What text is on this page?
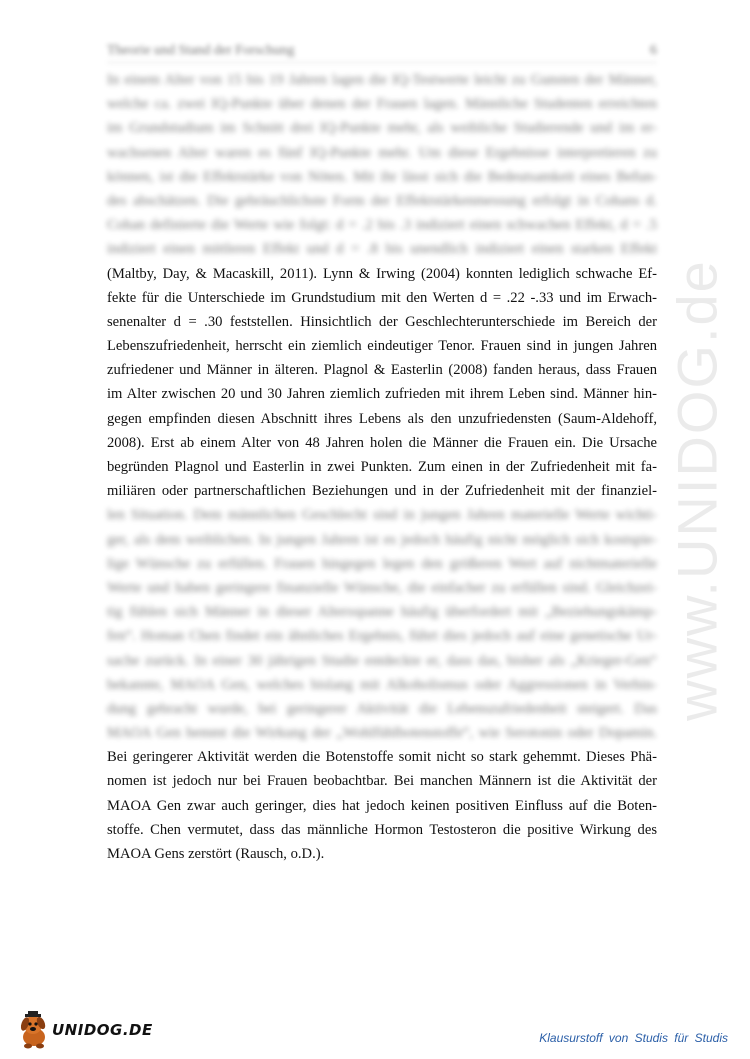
Theorie und Stand der Forschung	6
www.UNIDOG.de
In einem Alter von 15 bis 19 Jahren lagen die IQ-Testwerte leicht zu Gunsten der Männer,
welche ca. zwei IQ-Punkte über denen der Frauen lagen. Männliche Studenten erreichten
im Grundstudium im Schnitt drei IQ-Punkte mehr, als weibliche Studierende und im er-
wachsenen Alter waren es fünf IQ-Punkte mehr. Um diese Ergebnisse interpretieren zu
können, ist die Effektstärke von Nöten. Mit ihr lässt sich die Bedeutsamkeit eines Befun-
des abschätzen. Die gebräuchlichste Form der Effektstärkenmessung erfolgt in Cohans d.
Cohan definierte die Werte wie folgt: d = .2 bis .3 indiziert einen schwachen Effekt, d = .5
indiziert einen mittleren Effekt und d = .8 bis unendlich indiziert einen starken Effekt
(Maltby, Day, & Macaskill, 2011). Lynn & Irwing (2004) konnten lediglich schwache Ef-
fekte für die Unterschiede im Grundstudium mit den Werten d = .22 -.33 und im Erwach-
senenalter d = .30 feststellen. Hinsichtlich der Geschlechterunterschiede im Bereich der
Lebenszufriedenheit, herrscht ein ziemlich eindeutiger Tenor. Frauen sind in jungen Jahren
zufriedener und Männer in älteren. Plagnol & Easterlin (2008) fanden heraus, dass Frauen
im Alter zwischen 20 und 30 Jahren ziemlich zufrieden mit ihrem Leben sind. Männer hin-
gegen empfinden diesen Abschnitt ihres Lebens als den unzufriedensten (Saum-Aldehoff,
2008). Erst ab einem Alter von 48 Jahren holen die Männer die Frauen ein. Die Ursache
begründen Plagnol und Easterlin in zwei Punkten. Zum einen in der Zufriedenheit mit fa-
miliären oder partnerschaftlichen Beziehungen und in der Zufriedenheit mit der finanziel-
len Situation. Dem männlichen Geschlecht sind in jungen Jahren materielle Werte wichti-
ger, als dem weiblichen. In jungen Jahren ist es jedoch häufig nicht möglich sich kostspie-
lige Wünsche zu erfüllen. Frauen hingegen legen den größeren Wert auf nichtmaterielle
Werte und haben geringere finanzielle Wünsche, die einfacher zu erfüllen sind. Gleichzei-
tig fühlen sich Männer in dieser Altersspanne häufig überfordert mit „Beziehungskämp-
fen“. Homan Chen findet ein ähnliches Ergebnis, führt dies jedoch auf eine genetische Ur-
sache zurück. In einer 30 jährigen Studie entdeckte er, dass das, bisher als „Krieger-Gen“
bekannte, MAOA Gen, welches bislang mit Alkoholismus oder Aggressionen in Verbin-
dung gebracht wurde, bei geringerer Aktivität die Lebenszufriedenheit steigert. Das
MAOA Gen hemmt die Wirkung der „Wohlfühlbotenstoffe“, wie Serotonin oder Dopamin.
Bei geringerer Aktivität werden die Botenstoffe somit nicht so stark gehemmt. Dieses Phä-
nomen ist jedoch nur bei Frauen beobachtbar. Bei manchen Männern ist die Aktivität der
MAOA Gen zwar auch geringer, dies hat jedoch keinen positiven Einfluss auf die Boten-
stoffe. Chen vermutet, dass das männliche Hormon Testosteron die positive Wirkung des
MAOA Gens zerstört (Rausch, o.D.).
UNIDOG.DE	Klausurstoff von Studis für Studis
